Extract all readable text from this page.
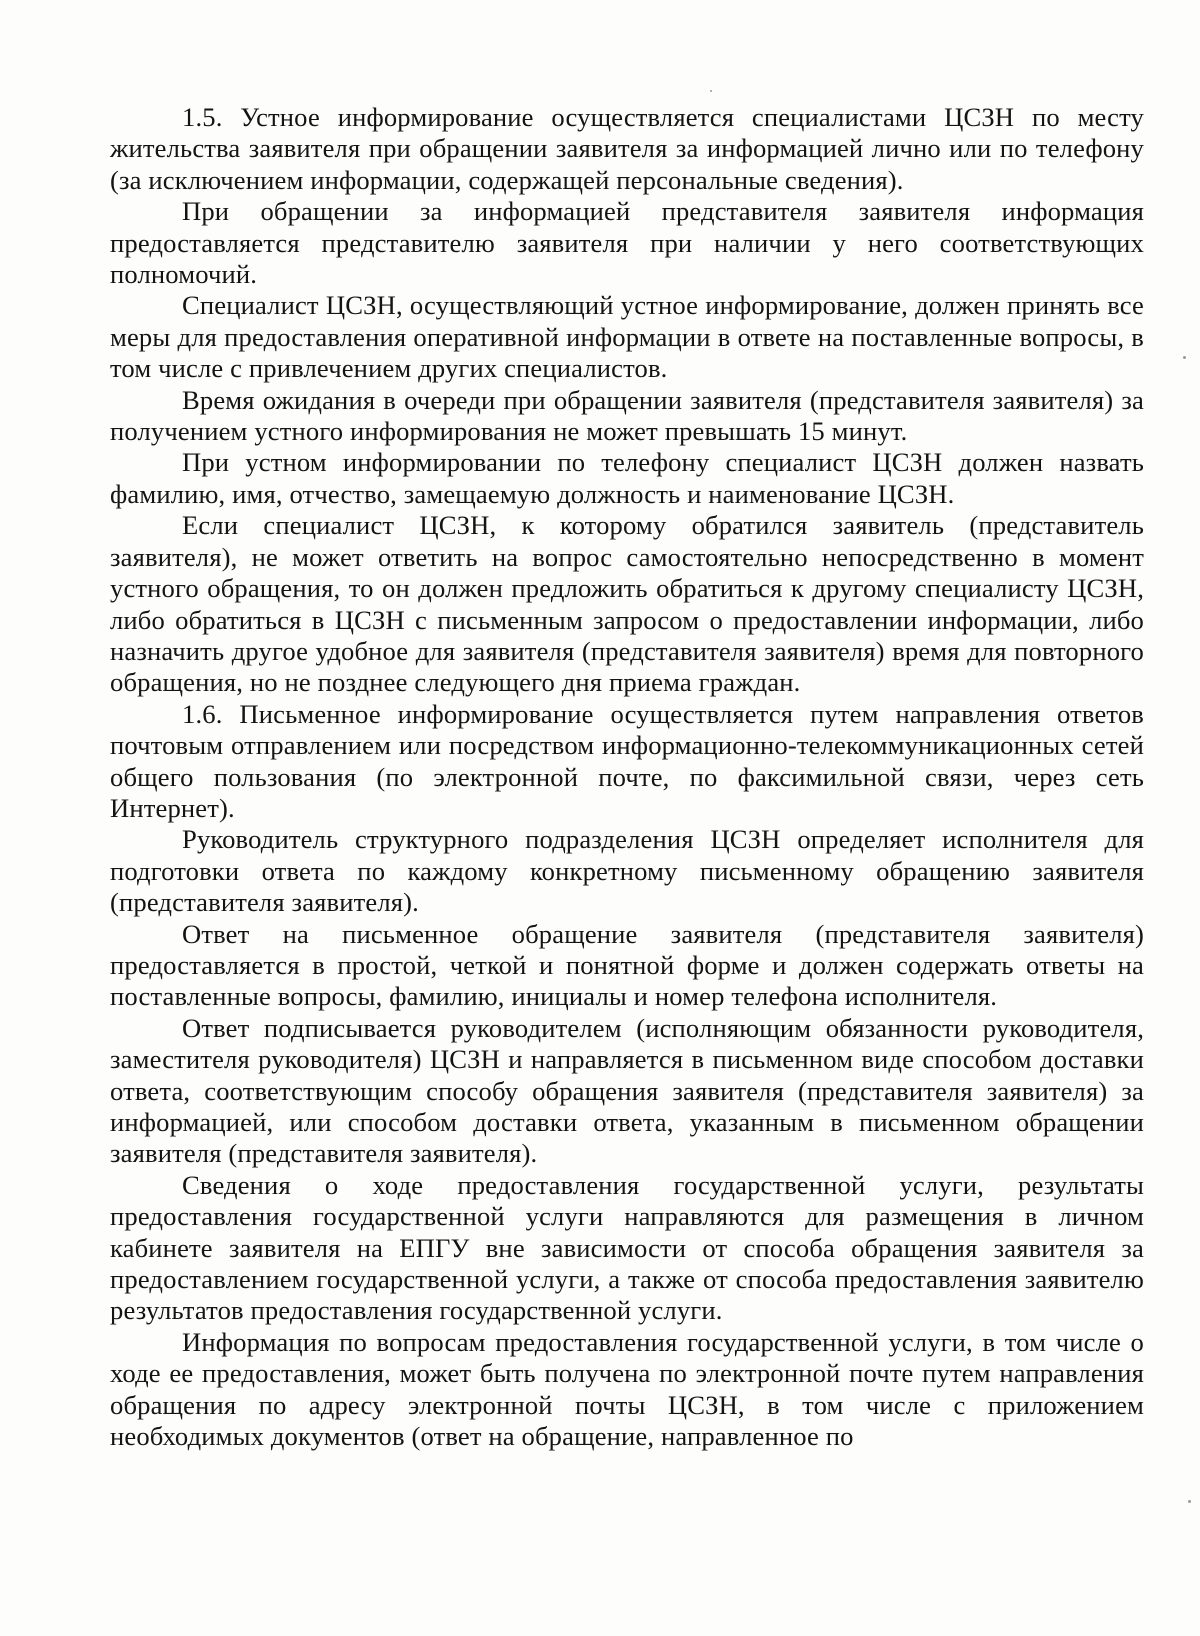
1.5. Устное информирование осуществляется специалистами ЦСЗН по месту жительства заявителя при обращении заявителя за информацией лично или по телефону (за исключением информации, содержащей персональные сведения).

При обращении за информацией представителя заявителя информация предоставляется представителю заявителя при наличии у него соответствующих полномочий.

Специалист ЦСЗН, осуществляющий устное информирование, должен принять все меры для предоставления оперативной информации в ответе на поставленные вопросы, в том числе с привлечением других специалистов.

Время ожидания в очереди при обращении заявителя (представителя заявителя) за получением устного информирования не может превышать 15 минут.

При устном информировании по телефону специалист ЦСЗН должен назвать фамилию, имя, отчество, замещаемую должность и наименование ЦСЗН.

Если специалист ЦСЗН, к которому обратился заявитель (представитель заявителя), не может ответить на вопрос самостоятельно непосредственно в момент устного обращения, то он должен предложить обратиться к другому специалисту ЦСЗН, либо обратиться в ЦСЗН с письменным запросом о предоставлении информации, либо назначить другое удобное для заявителя (представителя заявителя) время для повторного обращения, но не позднее следующего дня приема граждан.

1.6. Письменное информирование осуществляется путем направления ответов почтовым отправлением или посредством информационно-телекоммуникационных сетей общего пользования (по электронной почте, по факсимильной связи, через сеть Интернет).

Руководитель структурного подразделения ЦСЗН определяет исполнителя для подготовки ответа по каждому конкретному письменному обращению заявителя (представителя заявителя).

Ответ на письменное обращение заявителя (представителя заявителя) предоставляется в простой, четкой и понятной форме и должен содержать ответы на поставленные вопросы, фамилию, инициалы и номер телефона исполнителя.

Ответ подписывается руководителем (исполняющим обязанности руководителя, заместителя руководителя) ЦСЗН и направляется в письменном виде способом доставки ответа, соответствующим способу обращения заявителя (представителя заявителя) за информацией, или способом доставки ответа, указанным в письменном обращении заявителя (представителя заявителя).

Сведения о ходе предоставления государственной услуги, результаты предоставления государственной услуги направляются для размещения в личном кабинете заявителя на ЕПГУ вне зависимости от способа обращения заявителя за предоставлением государственной услуги, а также от способа предоставления заявителю результатов предоставления государственной услуги.

Информация по вопросам предоставления государственной услуги, в том числе о ходе ее предоставления, может быть получена по электронной почте путем направления обращения по адресу электронной почты ЦСЗН, в том числе с приложением необходимых документов (ответ на обращение, направленное по
